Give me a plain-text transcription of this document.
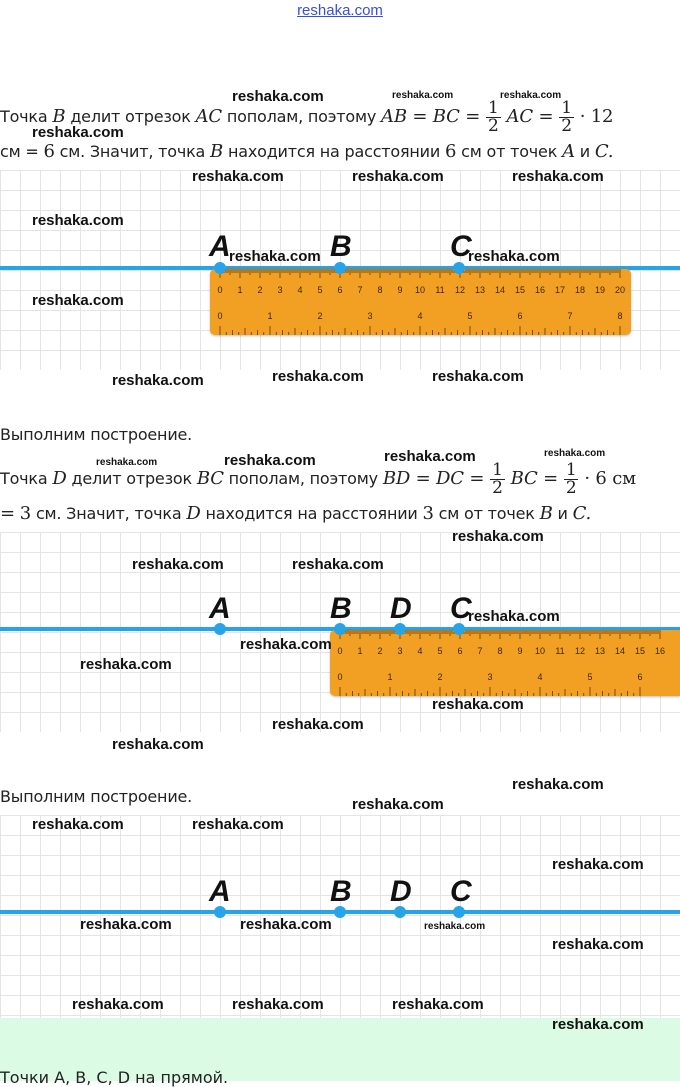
reshaka.com
Точка B делит отрезок AC пополам, поэтому AB = BC = $\frac{1}{2}$ AC = $\frac{1}{2} \cdot 12$
см = 6 см. Значит, точка B находится на расстоянии 6 см от точек A и C.
0 1 2 3 4 5 6 7 8 9 10 11 12 13 14 15 16 17 18 19 20
0	1	2	3	4	5	6	7	8
A	B	C
Выполним построение.
Точка D делит отрезок BC пополам, поэтому BD = DC = $\frac{1}{2}$ BC = $\frac{1}{2} \cdot 6$ см
= 3 см. Значит, точка D находится на расстоянии 3 см от точек B и C.
0 1 2 3 4 5 6 7 8 9 10 11 12 13 14 15 16
0	1	2	3	4	5	6
A	B D C
Выполним построение.
A	B D C
Точки A, B, C, D на прямой.
reshaka.com	reshaka.com	reshaka.com
reshaka.com
reshaka.com	reshaka.com	reshaka.com
reshaka.com
reshaka.com	reshaka.com
reshaka.com
reshaka.com	reshaka.com	reshaka.com
reshaka.com
reshaka.com	reshaka.com	reshaka.com
reshaka.com
reshaka.com	reshaka.com
reshaka.com
reshaka.com
reshaka.com
reshaka.com
reshaka.com
reshaka.com
reshaka.com
reshaka.com
reshaka.com	reshaka.com
reshaka.com
reshaka.com	reshaka.com	reshaka.com
reshaka.com
reshaka.com	reshaka.com	reshaka.com
reshaka.com
